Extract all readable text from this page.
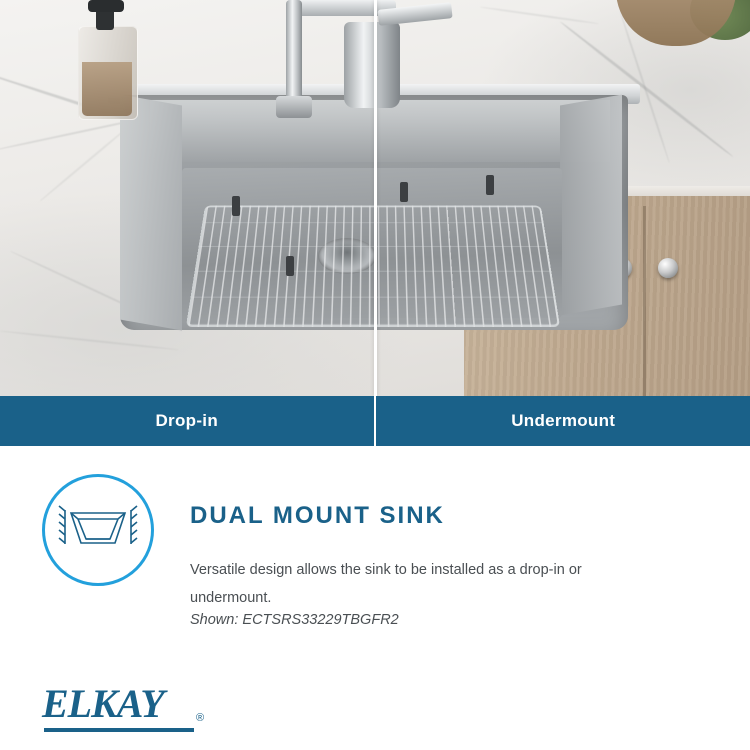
Drop-in	Undermount
DUAL MOUNT SINK
Versatile design allows the sink to be installed as a drop-in or undermount.
Shown: ECTSRS33229TBGFR2
ELKAY	®
